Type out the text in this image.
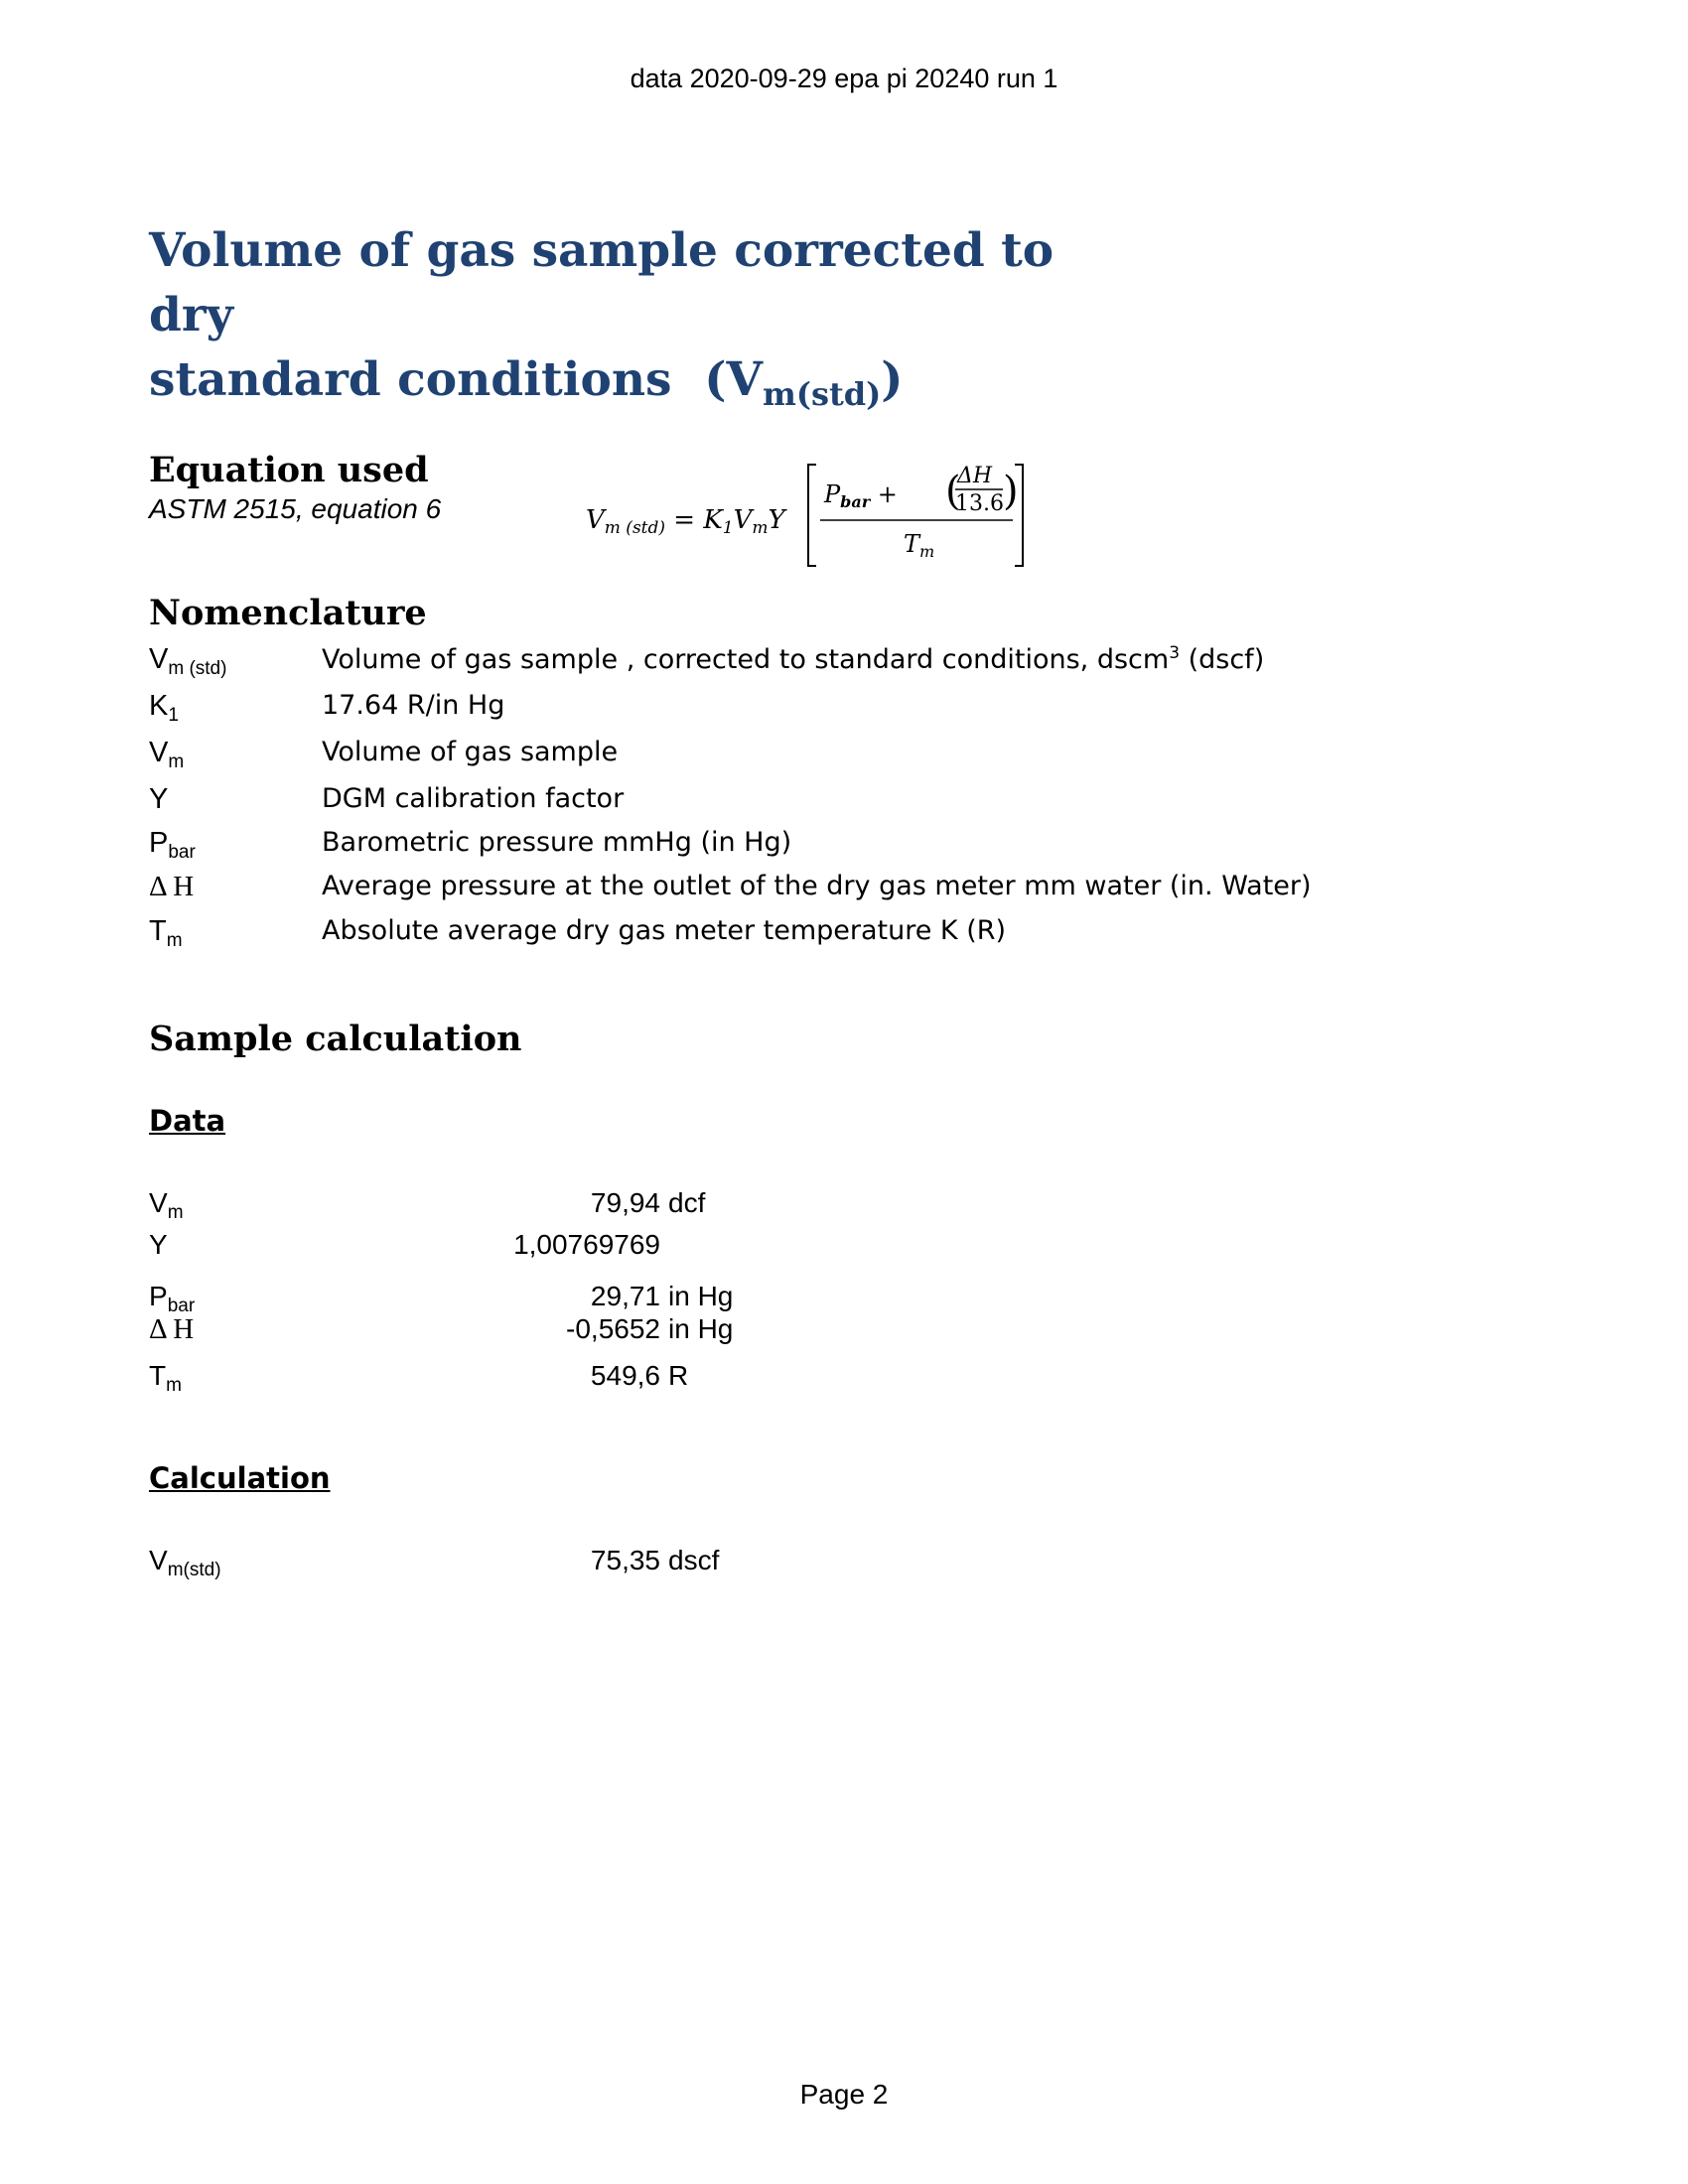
data 2020-09-29 epa pi 20240 run 1
Volume of gas sample corrected to dry
standard conditions  $(V_{m(std)})$
Equation used
ASTM 2515, equation 6	Vm (std) = K1VmY
$P_{bar}$ + (
ΔH
13.6 )
$T_m$
Nomenclature
$V_{m (std)}$	Volume of gas sample , corrected to standard conditions, dscm$^3$ (dscf)
$K_1$	17.64 R/in Hg
$V_m$	Volume of gas sample
Y	DGM calibration factor
$P_{bar}$	Barometric pressure mmHg (in Hg)
Δ H	Average pressure at the outlet of the dry gas meter mm water (in. Water)
$T_m$	Absolute average dry gas meter temperature K (R)
Sample calculation
Data
$V_m$	79,94 dcf
Y	1,00769769
$P_{bar}$	29,71 in Hg
Δ H	-0,5652 in Hg
$T_m$	549,6 R
Calculation
$V_{m(std)}$	75,35 dscf
Page 2
